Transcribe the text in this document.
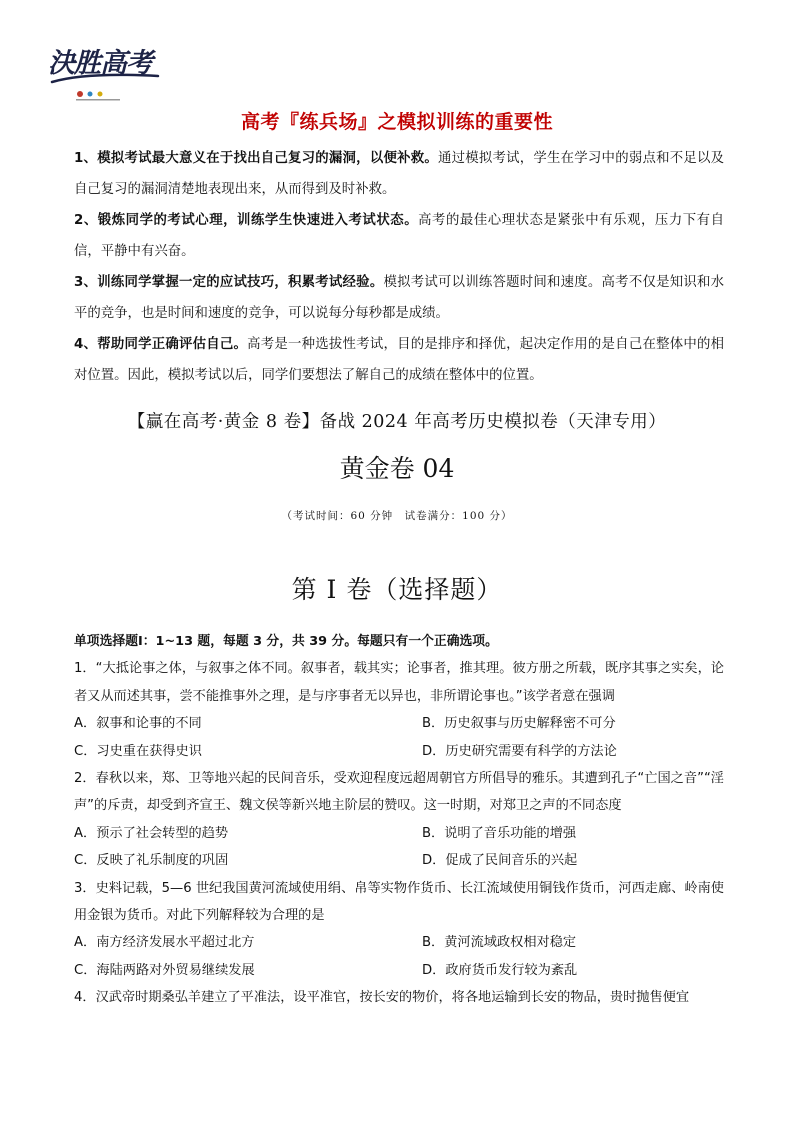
決胜高考
高考『练兵场』之模拟训练的重要性

1、模拟考试最大意义在于找出自己复习的漏洞，以便补救。通过模拟考试，学生在学习中的弱点和不足以及自己复习的漏洞清楚地表现出来，从而得到及时补救。

2、锻炼同学的考试心理，训练学生快速进入考试状态。高考的最佳心理状态是紧张中有乐观，压力下有自信，平静中有兴奋。

3、训练同学掌握一定的应试技巧，积累考试经验。模拟考试可以训练答题时间和速度。高考不仅是知识和水平的竞争，也是时间和速度的竞争，可以说每分每秒都是成绩。

4、帮助同学正确评估自己。高考是一种选拔性考试，目的是排序和择优，起决定作用的是自己在整体中的相对位置。因此，模拟考试以后，同学们要想法了解自己的成绩在整体中的位置。

【赢在高考·黄金 8 卷】备战 2024 年高考历史模拟卷（天津专用）
黄金卷 04
（考试时间：60 分钟　试卷满分：100 分）
第 I 卷（选择题）

单项选择题Ⅰ：1~13 题，每题 3 分，共 39 分。每题只有一个正确选项。

1．“大抵论事之体，与叙事之体不同。叙事者，载其实；论事者，推其理。彼方册之所载，既序其事之实矣，论者又从而述其事，尝不能推事外之理，是与序事者无以异也，非所谓论事也。”该学者意在强调

A．叙事和论事的不同	B．历史叙事与历史解释密不可分
C．习史重在获得史识	D．历史研究需要有科学的方法论

2．春秋以来，郑、卫等地兴起的民间音乐，受欢迎程度远超周朝官方所倡导的雅乐。其遭到孔子“亡国之音”“淫声”的斥责，却受到齐宣王、魏文侯等新兴地主阶层的赞叹。这一时期，对郑卫之声的不同态度

A．预示了社会转型的趋势	B．说明了音乐功能的增强
C．反映了礼乐制度的巩固	D．促成了民间音乐的兴起

3．史料记载，5—6 世纪我国黄河流域使用绢、帛等实物作货币、长江流域使用铜钱作货币，河西走廊、岭南使用金银为货币。对此下列解释较为合理的是

A．南方经济发展水平超过北方	B．黄河流域政权相对稳定
C．海陆两路对外贸易继续发展	D．政府货币发行较为紊乱

4．汉武帝时期桑弘羊建立了平准法，设平准官，按长安的物价，将各地运输到长安的物品，贵时抛售便宜
